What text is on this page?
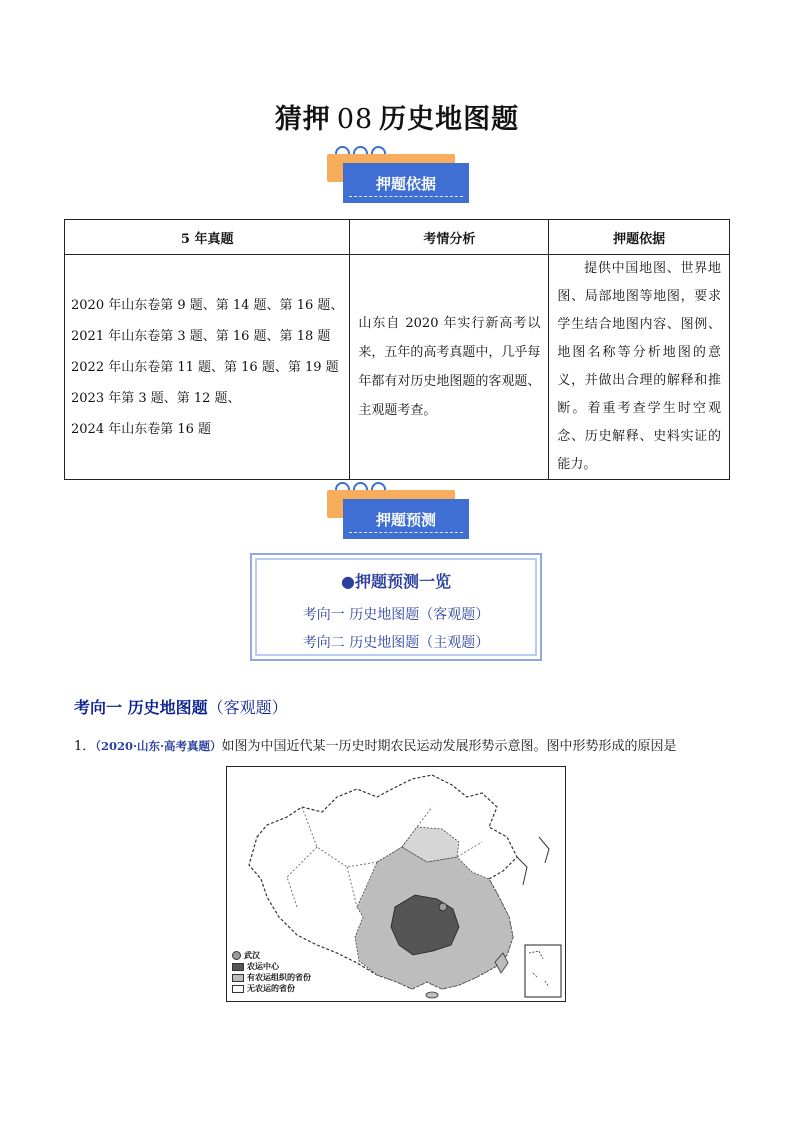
猜押 08 历史地图题
押题依据
5 年真题	考情分析	押题依据

2020 年山东卷第 9 题、第 14 题、第 16 题、
2021 年山东卷第 3 题、第 16 题、第 18 题
2022 年山东卷第 11 题、第 16 题、第 19 题
2023 年第 3 题、第 12 题、
2024 年山东卷第 16 题	山东自 2020 年实行新高考以来，五年的高考真题中，几乎每年都有对历史地图题的客观题、主观题考查。	提供中国地图、世界地图、局部地图等地图，要求学生结合地图内容、图例、地图名称等分析地图的意义，并做出合理的解释和推断。着重考查学生时空观念、历史解释、史料实证的能力。
押题预测
●押题预测一览
考向一 历史地图题（客观题）
考向二 历史地图题（主观题）
考向一 历史地图题（客观题）
1．（2020·山东·高考真题）如图为中国近代某一历史时期农民运动发展形势示意图。图中形势形成的原因是
武汉
农运中心
有农运组织的省份
无农运的省份
